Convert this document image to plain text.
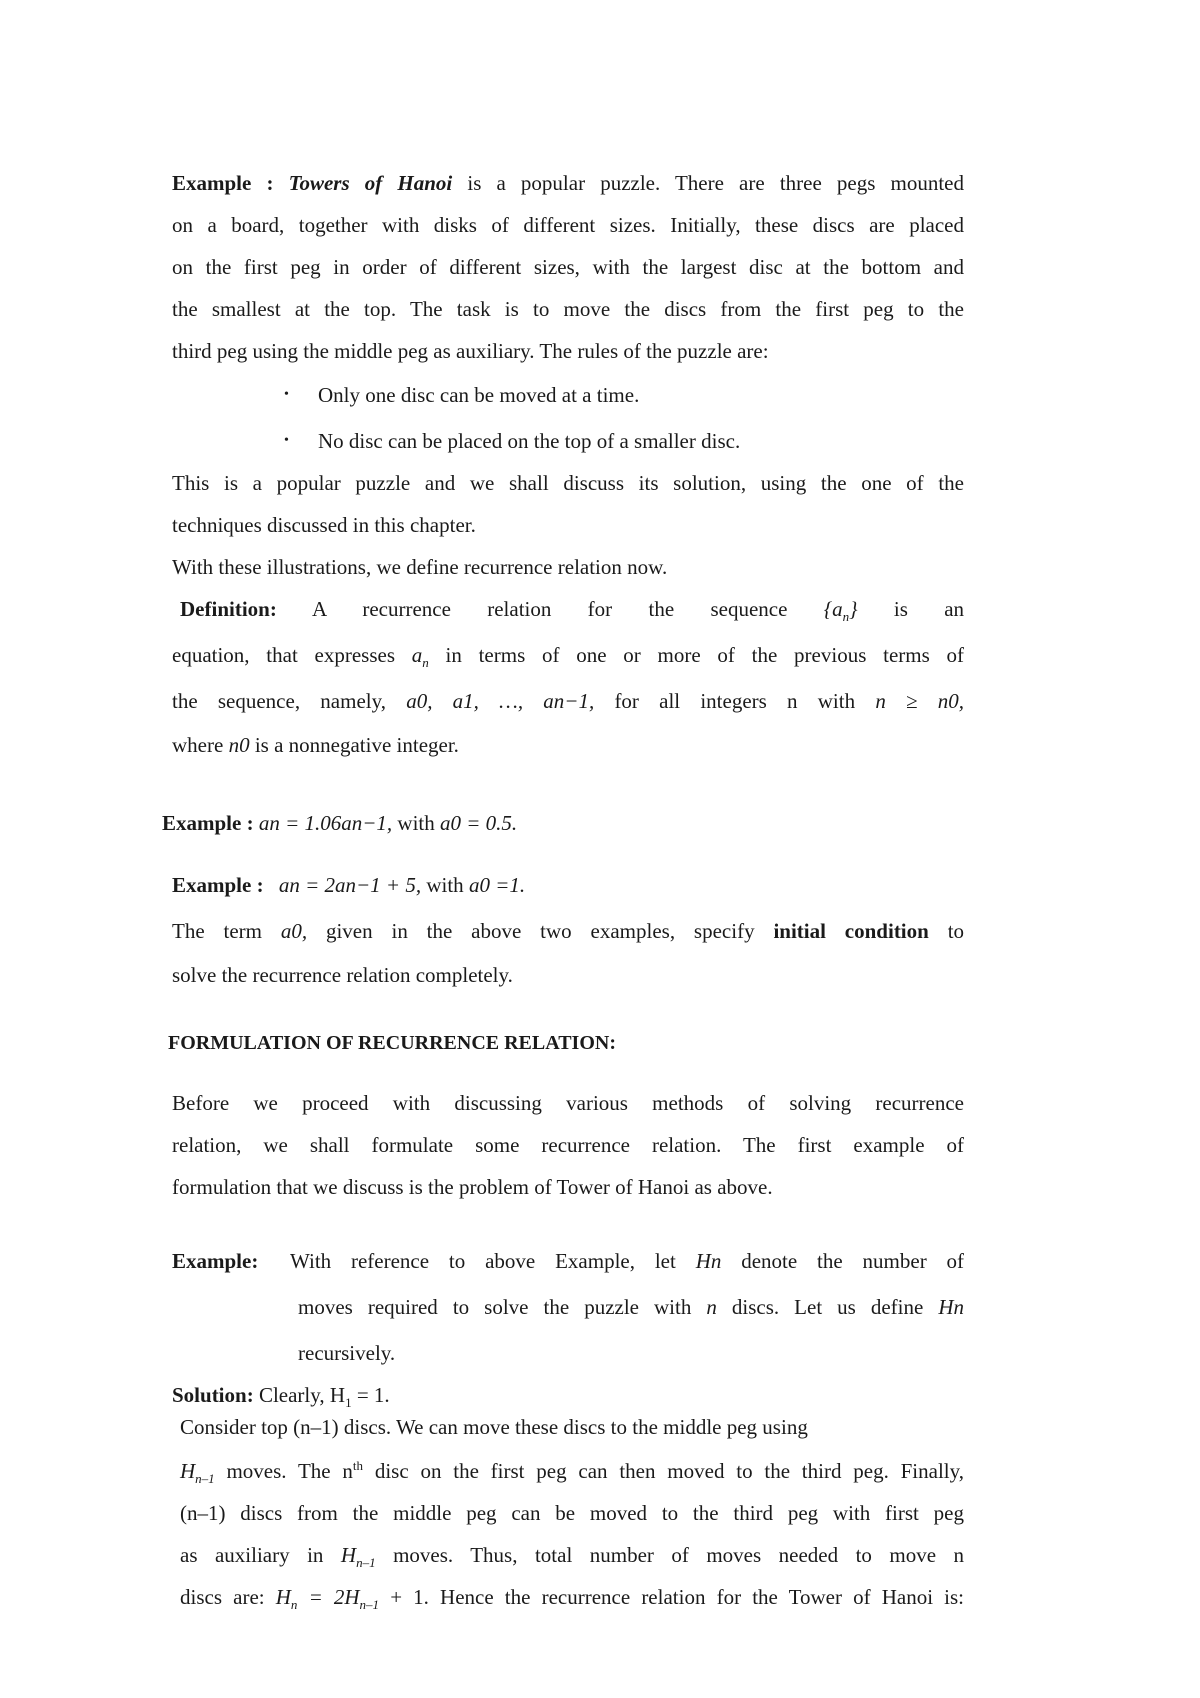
Example : Towers of Hanoi is a popular puzzle. There are three pegs mounted
on a board, together with disks of different sizes. Initially, these discs are placed
on the first peg in order of different sizes, with the largest disc at the bottom and
the smallest at the top. The task is to move the discs from the first peg to the
third peg using the middle peg as auxiliary. The rules of the puzzle are:
• Only one disc can be moved at a time.
• No disc can be placed on the top of a smaller disc.
This is a popular puzzle and we shall discuss its solution, using the one of the
techniques discussed in this chapter.
With these illustrations, we define recurrence relation now.
Definition: A recurrence relation for the sequence $\{a_n\}$ is an
equation, that expresses $a_n$ in terms of one or more of the previous terms of
the sequence, namely, a0, a1, …, an−1, for all integers n with n ≥ n0,
where n0 is a nonnegative integer.
Example : an = 1.06an−1, with a0 = 0.5.
Example : an = 2an−1 + 5, with a0 =1.
The term a0, given in the above two examples, specify initial condition to
solve the recurrence relation completely.
FORMULATION OF RECURRENCE RELATION:
Before we proceed with discussing various methods of solving recurrence
relation, we shall formulate some recurrence relation. The first example of
formulation that we discuss is the problem of Tower of Hanoi as above.
Example: With reference to above Example, let Hn denote the number of
moves required to solve the puzzle with n discs. Let us define Hn
recursively.
Solution: Clearly, $H_1 = 1$.
Consider top (n–1) discs. We can move these discs to the middle peg using
$H_{n-1}$ moves. The $n^{th}$ disc on the first peg can then moved to the third peg. Finally,
(n–1) discs from the middle peg can be moved to the third peg with first peg
as auxiliary in $H_{n-1}$ moves. Thus, total number of moves needed to move n
discs are: $H_n = 2H_{n-1} + 1$. Hence the recurrence relation for the Tower of Hanoi is:
